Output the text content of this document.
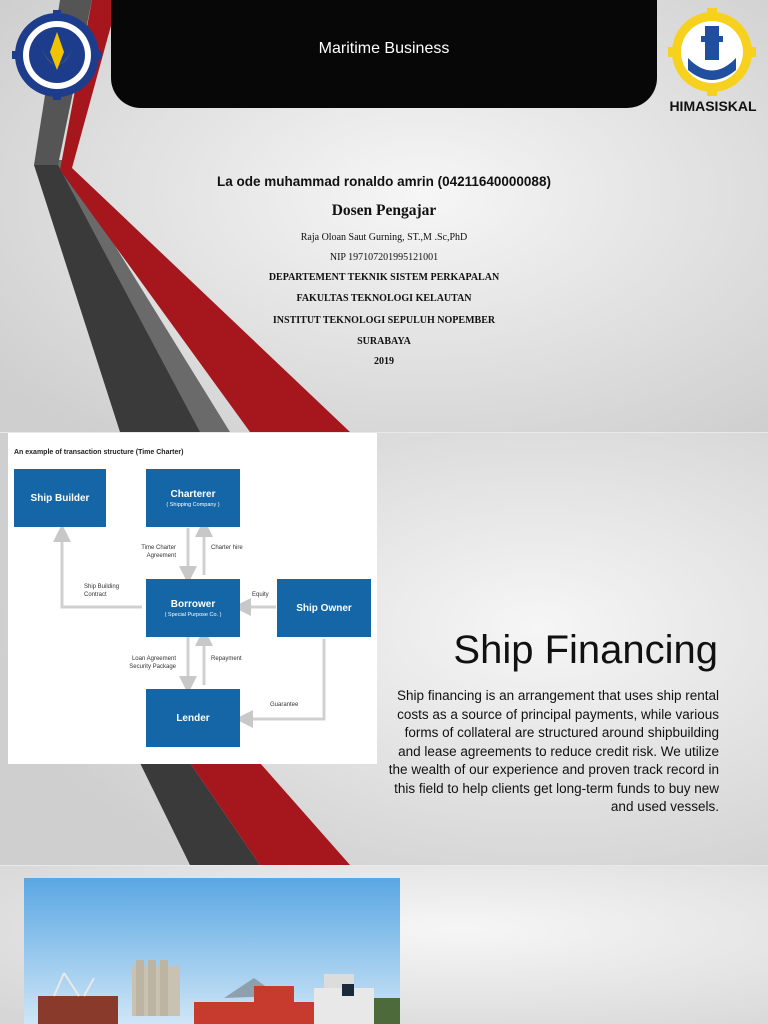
Maritime Business
HIMASISKAL
La ode muhammad ronaldo amrin (04211640000088)
Dosen Pengajar
Raja Oloan Saut Gurning, ST.,M .Sc,PhD
NIP 197107201995121001
DEPARTEMENT TEKNIK SISTEM PERKAPALAN
FAKULTAS TEKNOLOGI KELAUTAN
INSTITUT TEKNOLOGI SEPULUH NOPEMBER
SURABAYA
2019
An example of transaction structure (Time Charter)
Ship Builder	Charterer
( Shipping Company )
Borrower
( Special Purpose Co. )
Ship Owner
Lender
Time Charter
Agreement
Charter hire
Ship Building
Contract	Equity
Loan Agreement
Security Package
Repayment
Guarantee
Ship Financing
Ship financing is an arrangement that uses ship rental costs as a source of principal payments, while various forms of collateral are structured around shipbuilding and lease agreements to reduce credit risk. We utilize the wealth of our experience and proven track record in this field to help clients get long-term funds to buy new and used vessels.
